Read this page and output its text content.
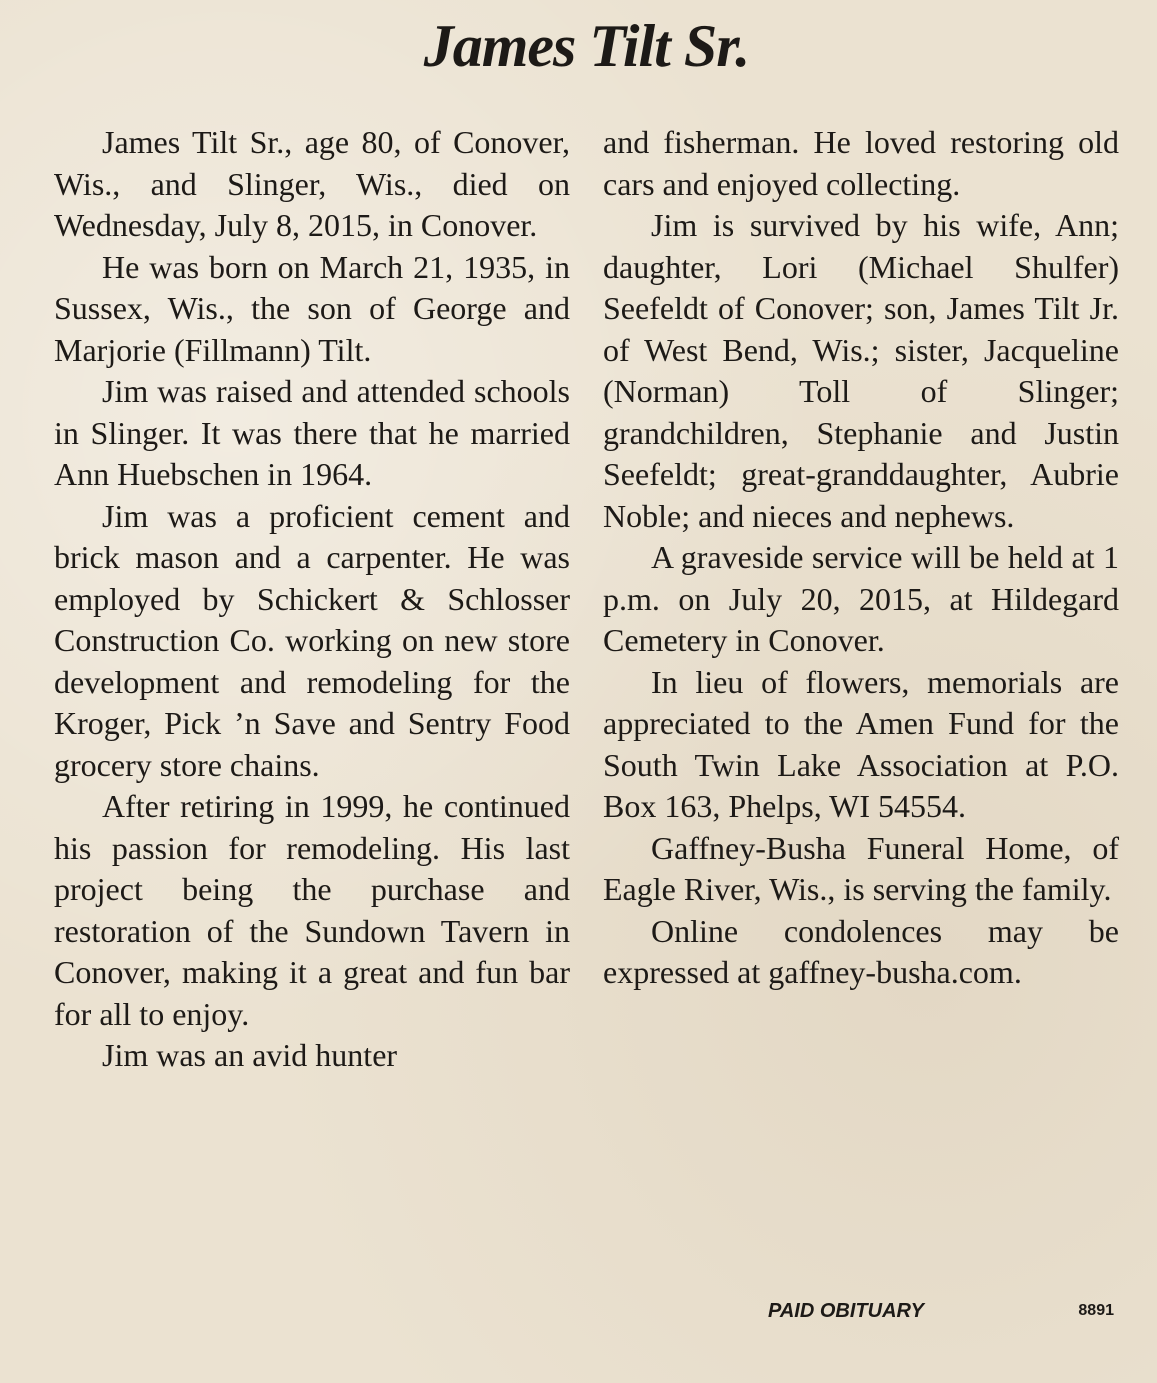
James Tilt Sr.

James Tilt Sr., age 80, of Conover, Wis., and Slinger, Wis., died on Wednesday, July 8, 2015, in Conover.

He was born on March 21, 1935, in Sussex, Wis., the son of George and Marjorie (Fillmann) Tilt.

Jim was raised and attended schools in Slinger. It was there that he married Ann Huebschen in 1964.

Jim was a proficient cement and brick mason and a carpenter. He was employed by Schickert & Schlosser Construction Co. working on new store development and remodeling for the Kroger, Pick ’n Save and Sentry Food grocery store chains.

After retiring in 1999, he continued his passion for remodeling. His last project being the purchase and restoration of the Sundown Tavern in Conover, making it a great and fun bar for all to enjoy.

Jim was an avid hunter

and fisherman. He loved restoring old cars and enjoyed collecting.

Jim is survived by his wife, Ann; daughter, Lori (Michael Shulfer) Seefeldt of Conover; son, James Tilt Jr. of West Bend, Wis.; sister, Jacqueline (Norman) Toll of Slinger; grandchildren, Stephanie and Justin Seefeldt; great-granddaughter, Aubrie Noble; and nieces and nephews.

A graveside service will be held at 1 p.m. on July 20, 2015, at Hildegard Cemetery in Conover.

In lieu of flowers, memorials are appreciated to the Amen Fund for the South Twin Lake Association at P.O. Box 163, Phelps, WI 54554.

Gaffney-Busha Funeral Home, of Eagle River, Wis., is serving the family.

Online condolences may be expressed at gaffney-busha.com.

PAID OBITUARY	8891
